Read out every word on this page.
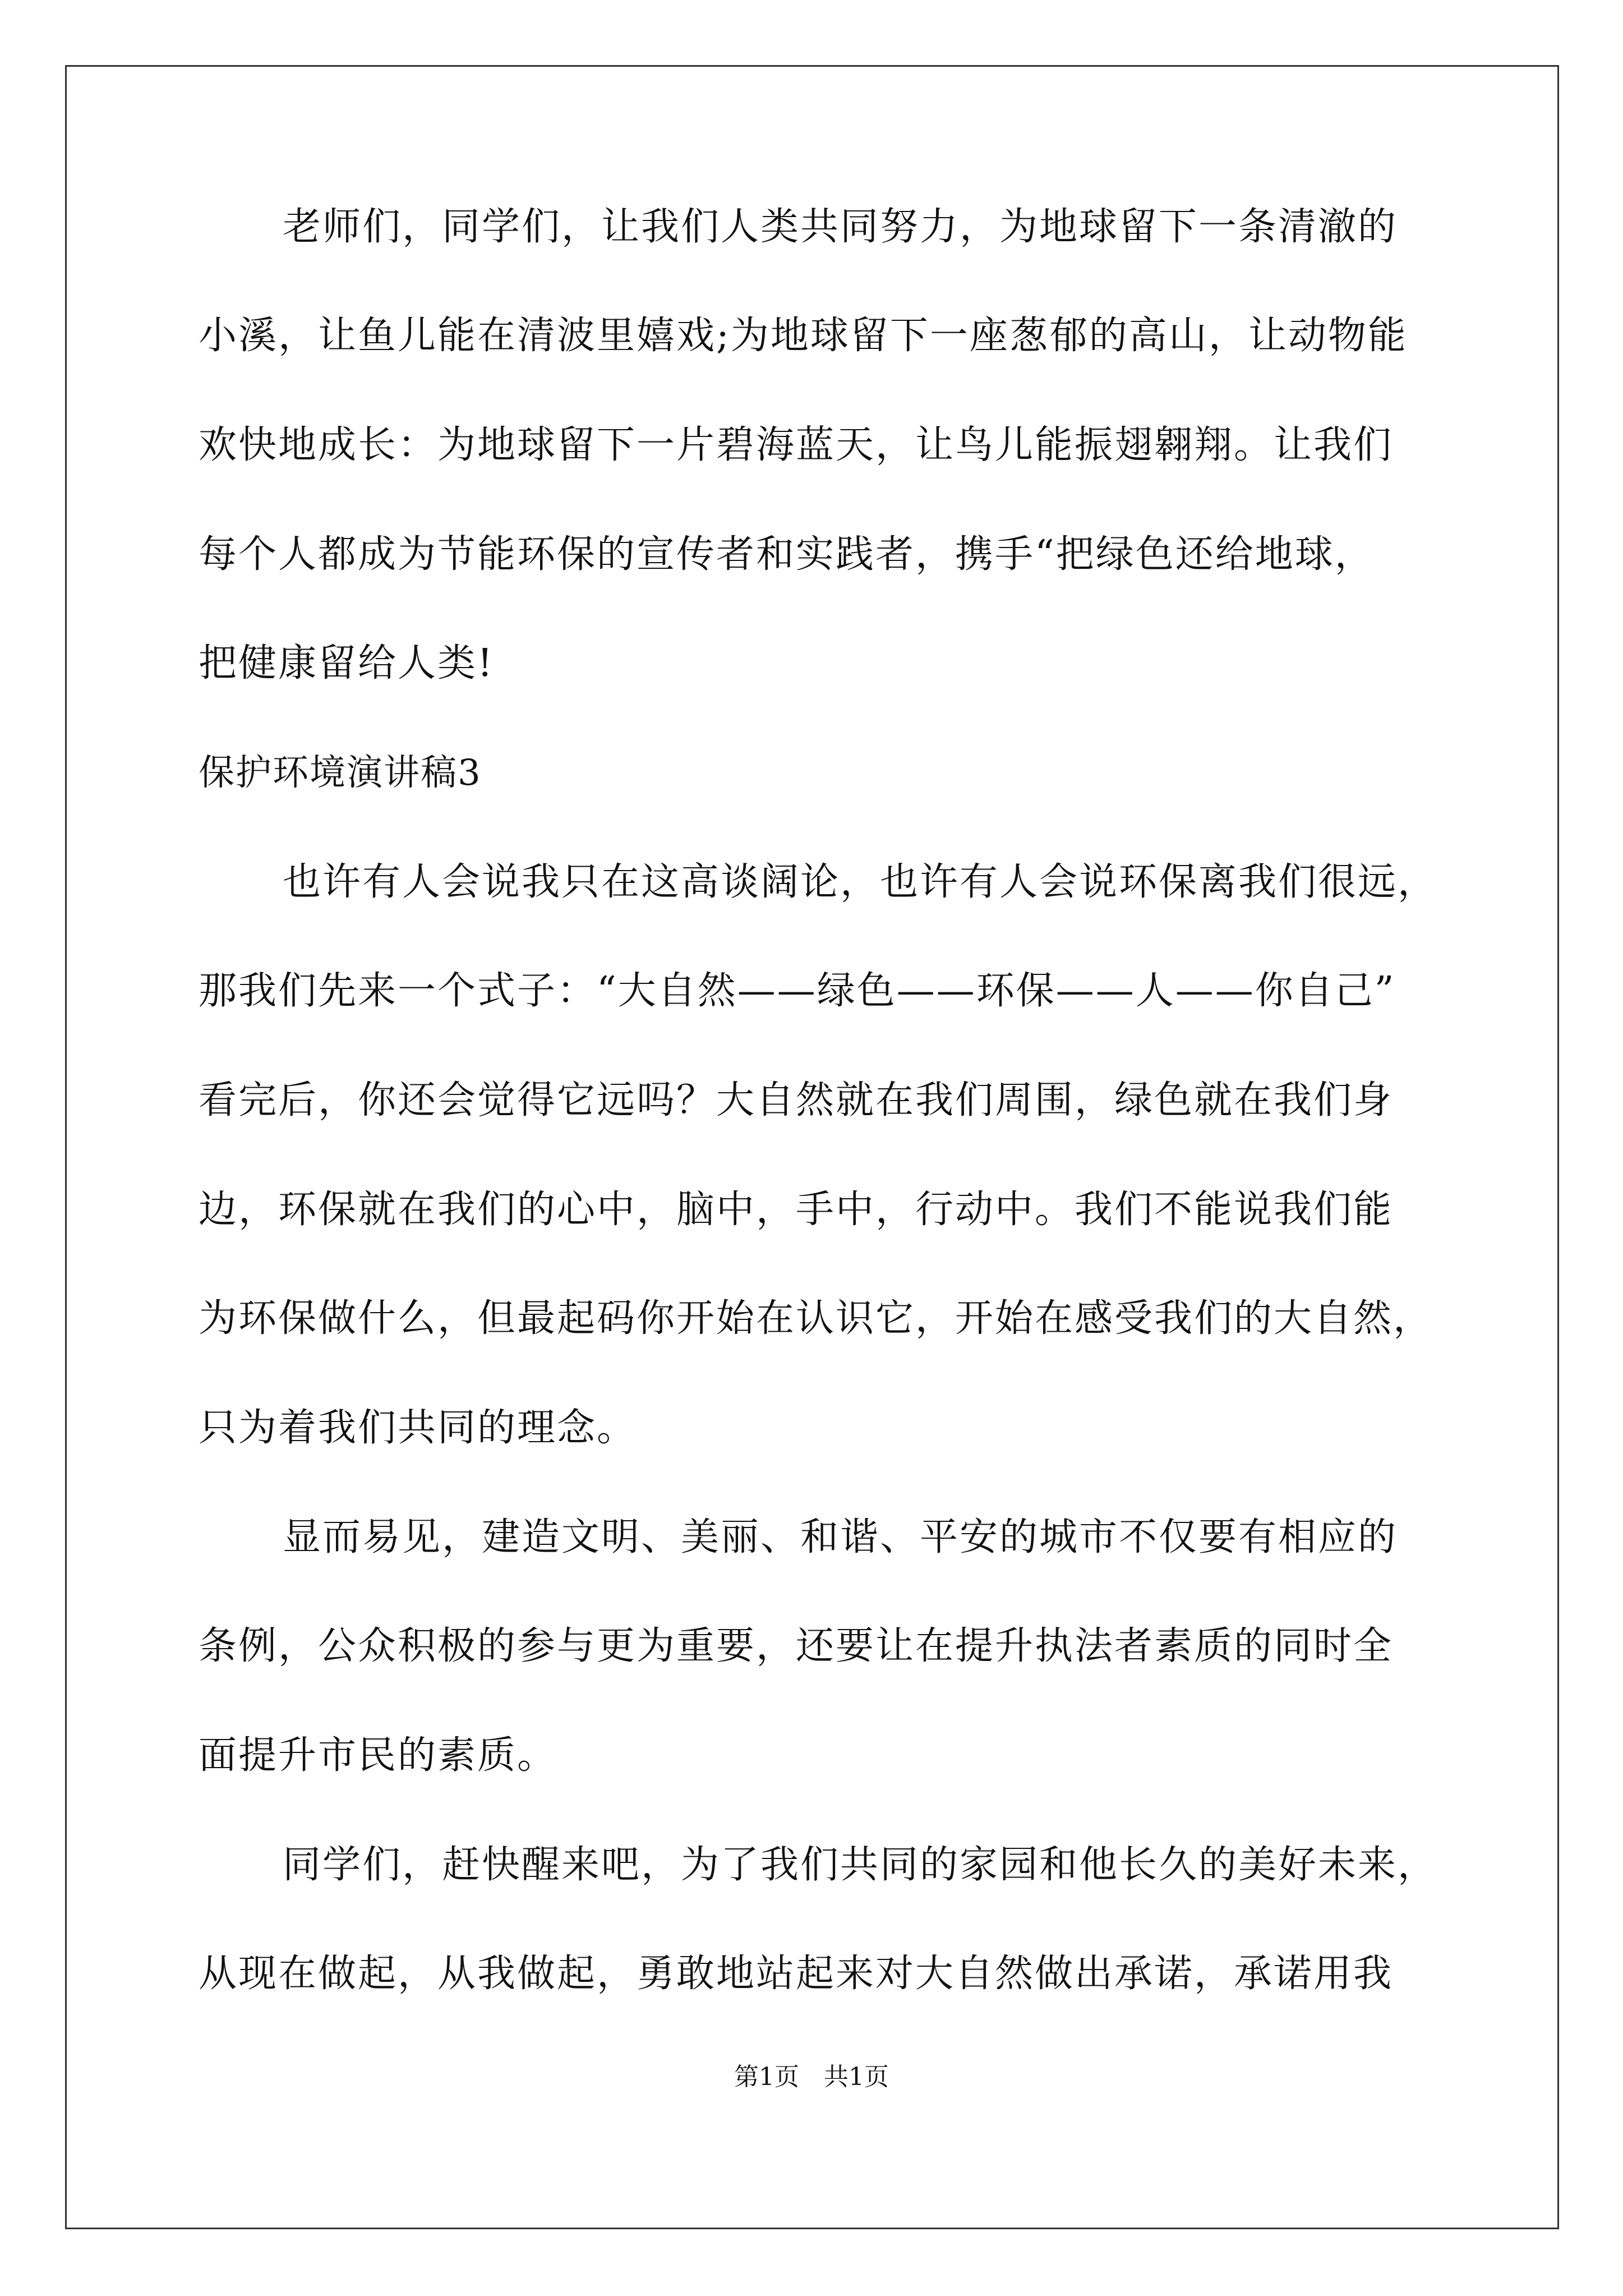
老师们，同学们，让我们人类共同努力，为地球留下一条清澈的
小溪，让鱼儿能在清波里嬉戏;为地球留下一座葱郁的高山，让动物能
欢快地成长：为地球留下一片碧海蓝天，让鸟儿能振翅翱翔。让我们
每个人都成为节能环保的宣传者和实践者，携手“把绿色还给地球，
把健康留给人类!
保护环境演讲稿3
也许有人会说我只在这高谈阔论，也许有人会说环保离我们很远，
那我们先来一个式子：“大自然——绿色——环保——人——你自己”
看完后，你还会觉得它远吗？大自然就在我们周围，绿色就在我们身
边，环保就在我们的心中，脑中，手中，行动中。我们不能说我们能
为环保做什么，但最起码你开始在认识它，开始在感受我们的大自然，
只为着我们共同的理念。
显而易见，建造文明、美丽、和谐、平安的城市不仅要有相应的
条例，公众积极的参与更为重要，还要让在提升执法者素质的同时全
面提升市民的素质。
同学们，赶快醒来吧，为了我们共同的家园和他长久的美好未来，
从现在做起，从我做起，勇敢地站起来对大自然做出承诺，承诺用我
第1页　共1页
